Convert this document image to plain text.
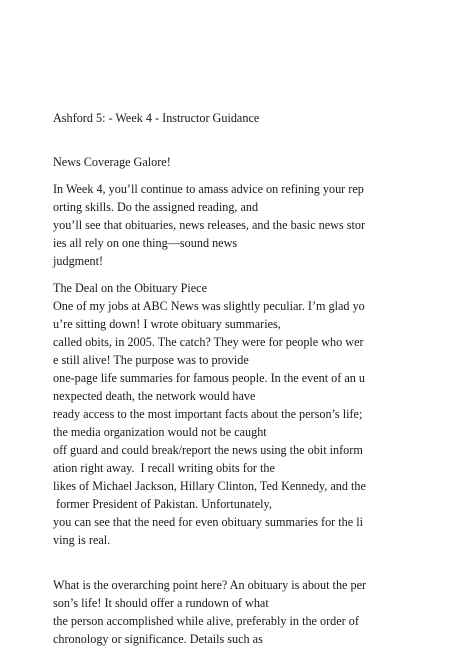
Ashford 5: - Week 4 - Instructor Guidance
News Coverage Galore!
In Week 4, you’ll continue to amass advice on refining your rep
orting skills. Do the assigned reading, and
you’ll see that obituaries, news releases, and the basic news stor
ies all rely on one thing—sound news
judgment!
The Deal on the Obituary Piece
One of my jobs at ABC News was slightly peculiar. I’m glad yo
u’re sitting down! I wrote obituary summaries,
called obits, in 2005. The catch? They were for people who wer
e still alive! The purpose was to provide
one-page life summaries for famous people. In the event of an u
nexpected death, the network would have
ready access to the most important facts about the person’s life;
the media organization would not be caught
off guard and could break/report the news using the obit inform
ation right away.  I recall writing obits for the
likes of Michael Jackson, Hillary Clinton, Ted Kennedy, and the
former President of Pakistan. Unfortunately,
you can see that the need for even obituary summaries for the li
ving is real.
What is the overarching point here? An obituary is about the per
son’s life! It should offer a rundown of what
the person accomplished while alive, preferably in the order of
chronology or significance. Details such as
